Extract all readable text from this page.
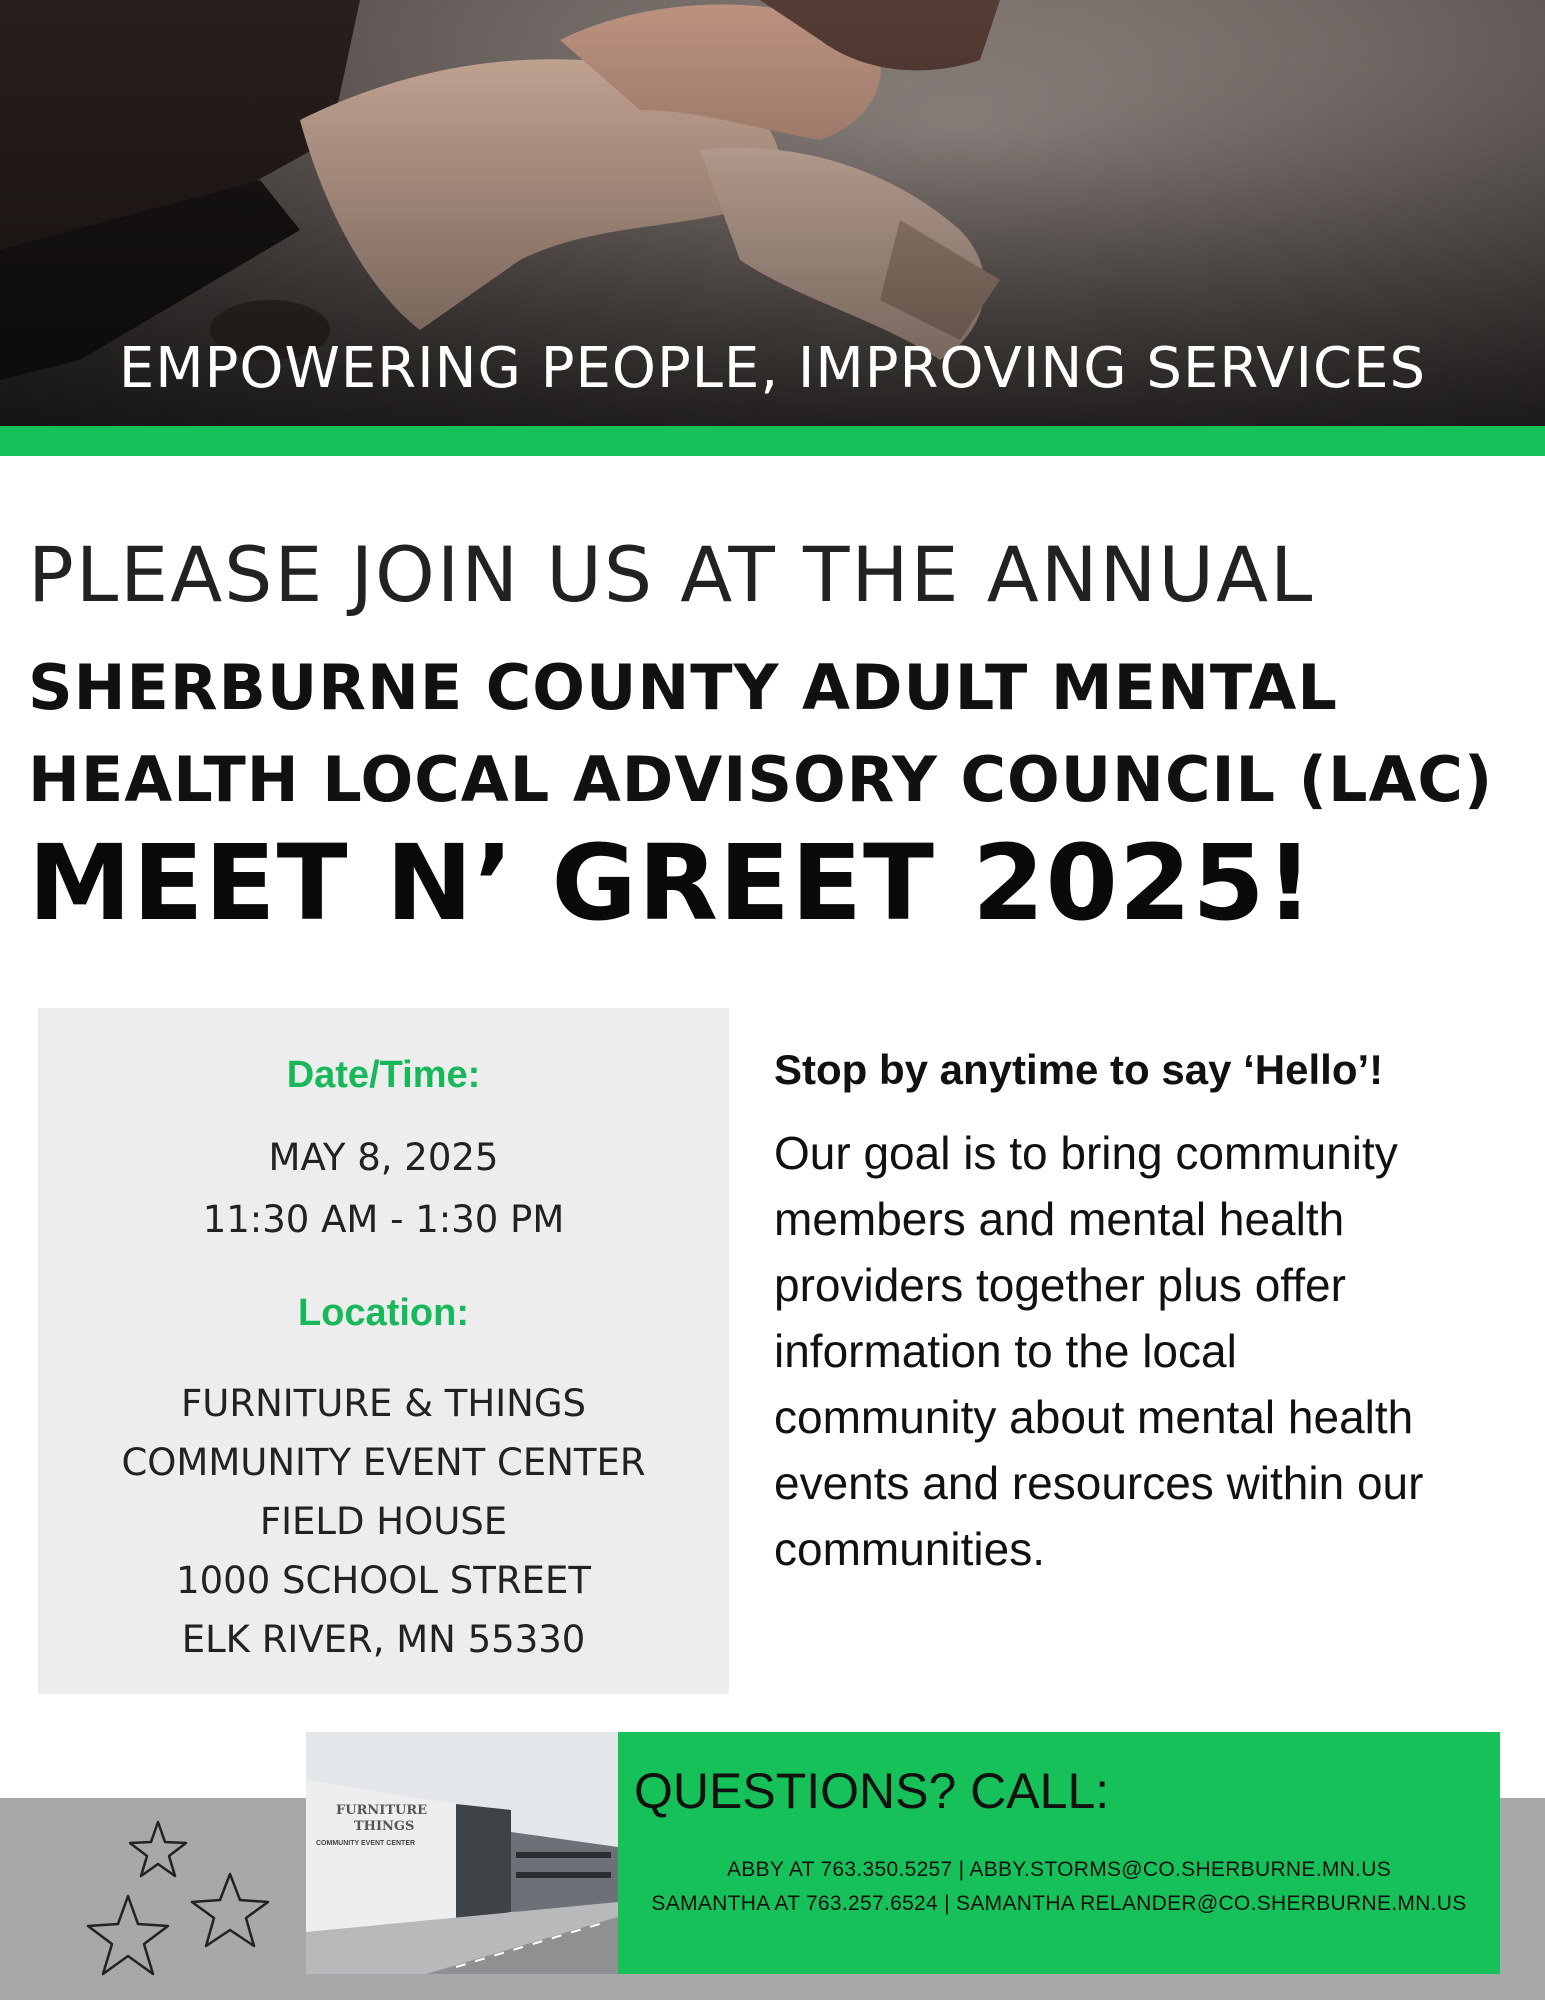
EMPOWERING PEOPLE, IMPROVING SERVICES
PLEASE JOIN US AT THE ANNUAL
SHERBURNE COUNTY ADULT MENTAL
HEALTH LOCAL ADVISORY COUNCIL (LAC)
MEET N’ GREET 2025!
Date/Time:
MAY 8, 2025
11:30 AM - 1:30 PM
Location:
FURNITURE & THINGS
COMMUNITY EVENT CENTER
FIELD HOUSE
1000 SCHOOL STREET
ELK RIVER, MN 55330

Stop by anytime to say ‘Hello’!

Our goal is to bring community
members and mental health
providers together plus offer
information to the local
community about mental health
events and resources within our
communities.

FURNITURE
THINGS
COMMUNITY EVENT CENTER
QUESTIONS? CALL:
ABBY AT 763.350.5257 | ABBY.STORMS@CO.SHERBURNE.MN.US
SAMANTHA AT 763.257.6524 | SAMANTHA RELANDER@CO.SHERBURNE.MN.US
